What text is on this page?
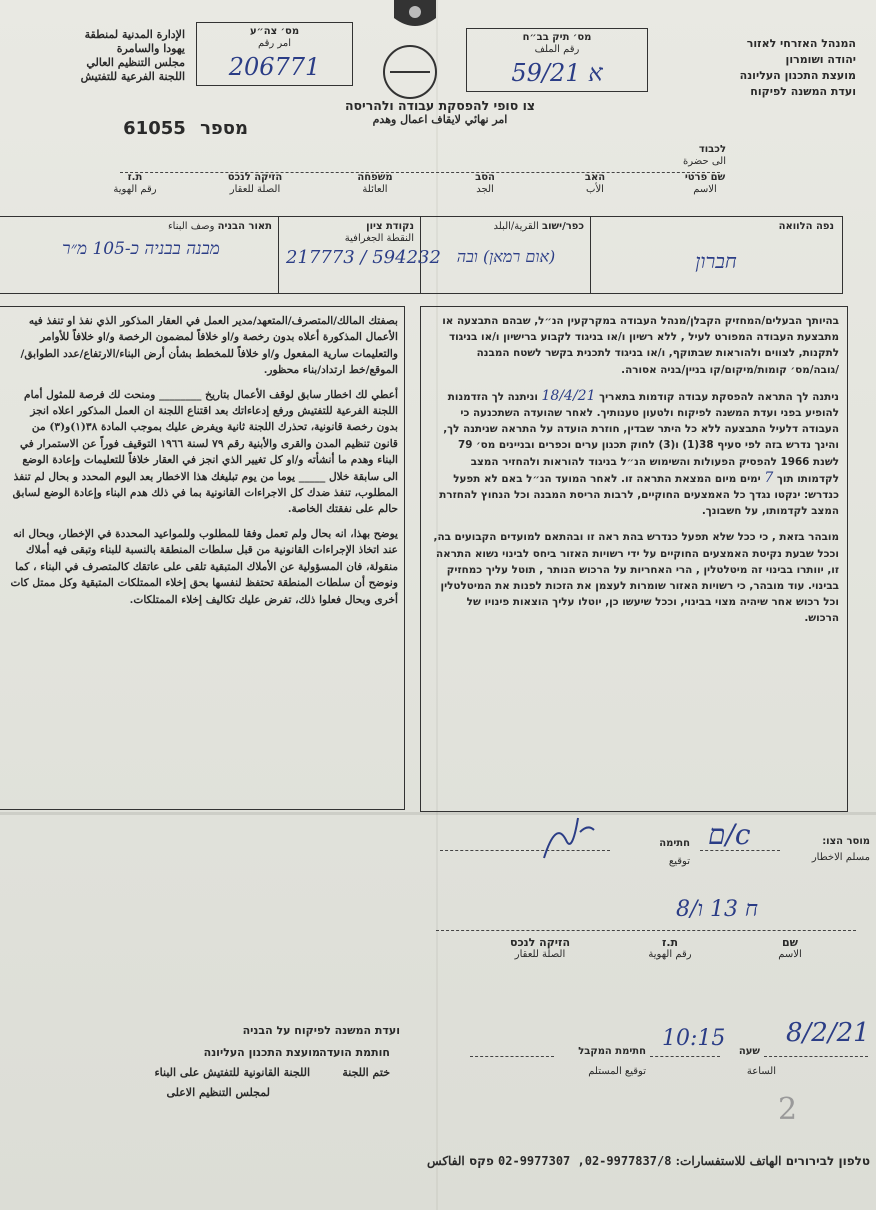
המנהל האזרחי לאזור
יהודה ושומרון
מועצת התכנון העליונה
ועדת המשנה לפיקוח
الإدارة المدنية لمنطقة
يهودا والسامرة
مجلس التنظيم العالي
اللجنة الفرعية للتفتيش
מס׳ תיק בב״ח
رقم الملف
59/21 א
מס׳ צה״ע
امر رقم
206771
צו סופי להפסקת עבודה ולהריסה
امر نهائي لايقاف اعمال وهدم
מספר 61055
לכבוד
الى حضرة
שם פרטי
الاسم
האב
الأب
הסב
الجد
משפחה
العائلة
הזיקה לנכס
الصلة للعقار
ת.ז
رقم الهوية
נפה הלוואה
חברון
כפר/ישוב القرية/البلد
(אום רמאן) ובה
נקודת ציון
النقطة الجغرافية
217773 / 594232
תאור הבניה وصف البناء
מבנה בבניה כ-105 מ״ר

بصفتك المالك/المتصرف/المتعهد/مدير العمل في العقار المذكور الذي نفذ او تنفذ فيه الأعمال المذكورة أعلاه بدون رخصة و/او خلافاً لمضمون الرخصة و/او خلافاً للأوامر والتعليمات سارية المفعول و/او خلافاً للمخطط بشأن أرض البناء/الارتفاع/عدد الطوابق/الموقع/خط ارتداد/بناء محظور.

أعطي لك اخطار سابق لوقف الأعمال بتاريخ ________ ومنحت لك فرصة للمثول أمام اللجنة الفرعية للتفتيش ورفع إدعاءاتك بعد اقتناع اللجنة ان العمل المذكور اعلاه انجز بدون رخصة قانونية، تحذرك اللجنة ثانية ويفرض عليك بموجب المادة ٣٨(١)و(٣) من قانون تنظيم المدن والقرى والأبنية رقم ٧٩ لسنة ١٩٦٦ التوقيف فوراً عن الاستمرار في البناء وهدم ما أنشأته و/او كل تغيير الذي انجز في العقار خلافاً للتعليمات وإعادة الوضع الى سابقة خلال _____ يوما من يوم تبليغك هذا الاخطار بعد اليوم المحدد و بحال لم تنفذ المطلوب، تنفذ ضدك كل الاجراءات القانونية بما في ذلك هدم البناء وإعادة الوضع لسابق حالم على نفقتك الخاصة.

يوضح بهذا، انه بحال ولم تعمل وفقا للمطلوب وللمواعيد المحددة في الإخطار، وبحال انه عند اتخاذ الإجراءات القانونية من قبل سلطات المنطقة بالنسبة للبناء وتبقى فيه أملاك منقولة، فان المسؤولية عن الأملاك المتبقية تلقى على عاتقك كالمتصرف في البناء ، كما ونوضح أن سلطات المنطقة تحتفظ لنفسها بحق إخلاء الممتلكات المتبقية وكل ممتل كات أخرى وبحال فعلوا ذلك، تفرض عليك تكاليف إخلاء الممتلكات.

בהיותך הבעלים/המחזיק הקבלן/מנהל העבודה במקרקעין הנ״ל, שבהם התבצעה או מתבצעת העבודה המפורט לעיל , ללא רשיון ו/או בניגוד לקבוע ברישיון ו/או בניגוד לתקנות, לצווים ולהוראות שבתוקף, ו/או בניגוד לתכנית בקשר לשטח המבנה /גובה/מס׳ קומות/מיקום/קו בניין/בניה אסורה.

ניתנה לך התראה להפסקת עבודה קודמות בתאריך 18/4/21 וניתנה לך הזדמנות להופיע בפני ועדת המשנה לפיקוח ולטעון טענותיך. לאחר שהועדה השתכנעה כי העבודה דלעיל התבצעה ללא כל היתר שבדין, חוזרת הועדה על התראה שניתנה לך, והינך נדרש בזה לפי סעיף 38(1) ו(3) לחוק תכנון ערים וכפרים ובניינים מס׳ 79 לשנת 1966 להפסיק הפעולות והשימוש הנ״ל בניגוד להוראות ולהחזיר המצב לקדמותו תוך 7 ימים מיום המצאת התראה זו. לאחר המועד הנ״ל באם לא תפעל כנדרש: ינקטו נגדך כל האמצעים החוקיים, לרבות הריסת המבנה וכל הנחוץ להחזרת המצב לקדמותו, על חשבונך.

מובהר בזאת , כי ככל שלא תפעל כנדרש בהת ראה זו ובהתאם למועדים הקבועים בה, וככל שבעת נקיטת האמצעים החוקיים על ידי רשויות האזור ביחס לבינוי נשוא התראה זו, יוותרו בבינוי זה מיטלטלין , הרי האחריות על הרכוש הנותר , תוטל עליך כמחזיק בבינוי. עוד מובהר, כי רשויות האזור שומרות לעצמן את הזכות לפנות את המיטלטלין וכל רכוש אחר שיהיה מצוי בבינוי, וככל שיעשו כן, יוטלו עליך הוצאות פינויו של הרכוש.

מוסר הצו:
مسلم الاخطار
ﬦ/c
חתימה
توقيع
8/ח 13 ו
שם
الاسم
ת.ז
رقم الهوية
הזיקה לנכס
الصلة للعقار
8/2/21
שעה
الساعة
10:15
חתימת המקבל
توقيع المستلم
ועדת המשנה לפיקוח על הבניה
מועצת התכנון העליונה חותמת הועדה
ختم اللجنة
اللجنة القانونية للتفتيش على البناء
لمجلس التنظيم الاعلى
טלפון לבירורים الهاتف للاستفسارات: 02-9977307 ,02-9977837/8 פקס الفاكس
2
